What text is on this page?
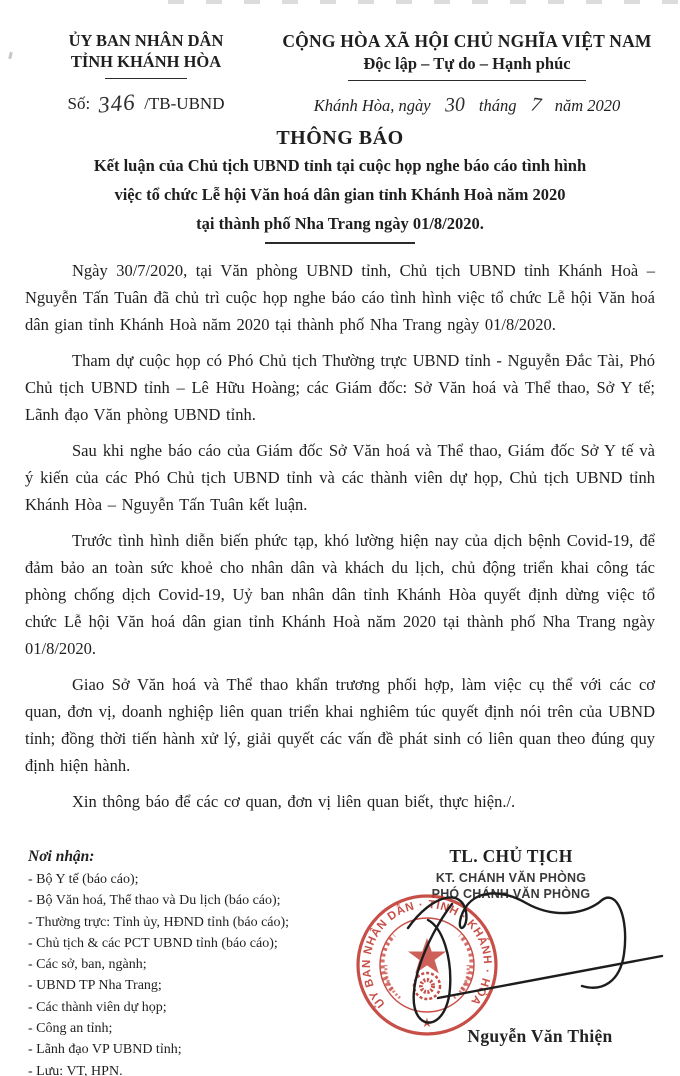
ỦY BAN NHÂN DÂN
TỈNH KHÁNH HÒA
Số: 346 /TB-UBND
CỘNG HÒA XÃ HỘI CHỦ NGHĨA VIỆT NAM
Độc lập – Tự do – Hạnh phúc
Khánh Hòa, ngày 30 tháng 7 năm 2020
THÔNG BÁO
Kết luận của Chủ tịch UBND tỉnh tại cuộc họp nghe báo cáo tình hình
việc tổ chức Lễ hội Văn hoá dân gian tỉnh Khánh Hoà năm 2020
tại thành phố Nha Trang ngày 01/8/2020.

Ngày 30/7/2020, tại Văn phòng UBND tỉnh, Chủ tịch UBND tỉnh Khánh Hoà – Nguyễn Tấn Tuân đã chủ trì cuộc họp nghe báo cáo tình hình việc tổ chức Lễ hội Văn hoá dân gian tỉnh Khánh Hoà năm 2020 tại thành phố Nha Trang ngày 01/8/2020.

Tham dự cuộc họp có Phó Chủ tịch Thường trực UBND tỉnh - Nguyễn Đắc Tài, Phó Chủ tịch UBND tỉnh – Lê Hữu Hoàng; các Giám đốc: Sở Văn hoá và Thể thao, Sở Y tế; Lãnh đạo Văn phòng UBND tỉnh.

Sau khi nghe báo cáo của Giám đốc Sở Văn hoá và Thể thao, Giám đốc Sở Y tế và ý kiến của các Phó Chủ tịch UBND tỉnh và các thành viên dự họp, Chủ tịch UBND tỉnh Khánh Hòa – Nguyễn Tấn Tuân kết luận.

Trước tình hình diễn biến phức tạp, khó lường hiện nay của dịch bệnh Covid-19, để đảm bảo an toàn sức khoẻ cho nhân dân và khách du lịch, chủ động triển khai công tác phòng chống dịch Covid-19, Uỷ ban nhân dân tỉnh Khánh Hòa quyết định dừng việc tổ chức Lễ hội Văn hoá dân gian tỉnh Khánh Hoà năm 2020 tại thành phố Nha Trang ngày 01/8/2020.

Giao Sở Văn hoá và Thể thao khẩn trương phối hợp, làm việc cụ thể với các cơ quan, đơn vị, doanh nghiệp liên quan triển khai nghiêm túc quyết định nói trên của UBND tỉnh; đồng thời tiến hành xử lý, giải quyết các vấn đề phát sinh có liên quan theo đúng quy định hiện hành.

Xin thông báo để các cơ quan, đơn vị liên quan biết, thực hiện./.

Nơi nhận:
- Bộ Y tế (báo cáo);
- Bộ Văn hoá, Thể thao và Du lịch (báo cáo);
- Thường trực: Tỉnh ủy, HĐND tỉnh (báo cáo);
- Chủ tịch & các PCT UBND tỉnh (báo cáo);
- Các sở, ban, ngành;
- UBND TP Nha Trang;
- Các thành viên dự họp;
- Công an tỉnh;
- Lãnh đạo VP UBND tỉnh;
- Lưu: VT, HPN.
TL. CHỦ TỊCH
KT. CHÁNH VĂN PHÒNG
PHÓ CHÁNH VĂN PHÒNG
ỦY BAN NHÂN DÂN · TỈNH · KHÁNH · HÒA
★
Nguyễn Văn Thiện
